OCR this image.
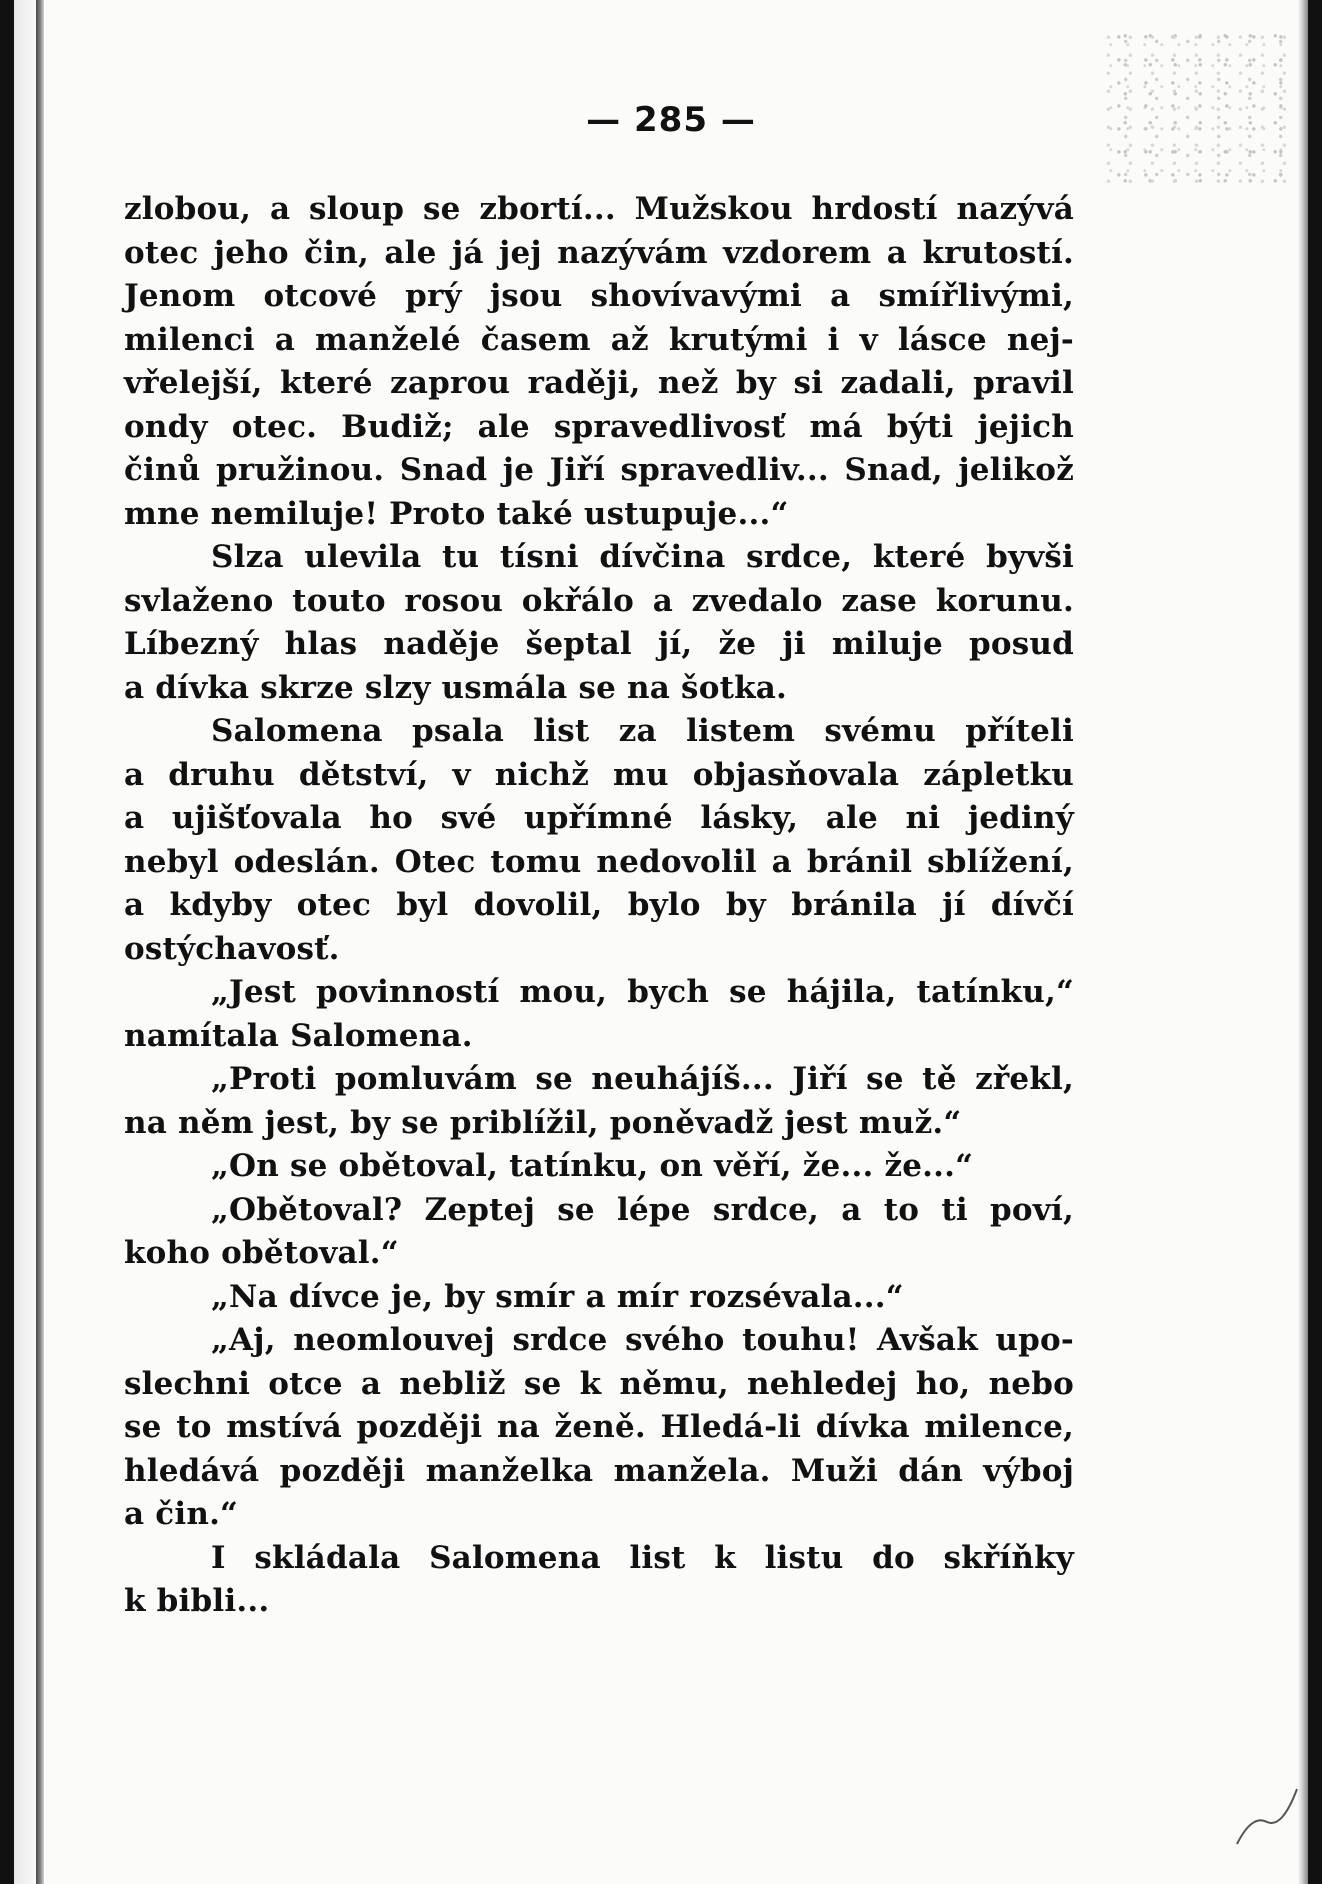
— 285 —
zlobou, a sloup se zbortí... Mužskou hrdostí nazývá
otec jeho čin, ale já jej nazývám vzdorem a krutostí.
Jenom otcové prý jsou shovívavými a smířlivými,
milenci a manželé časem až krutými i v lásce nej-
vřelejší, které zaprou raději, než by si zadali, pravil
ondy otec. Budiž; ale spravedlivosť má býti jejich
činů pružinou. Snad je Jiří spravedliv... Snad, jelikož
mne nemiluje! Proto také ustupuje...“
Slza ulevila tu tísni dívčina srdce, které byvši
svlaženo touto rosou okřálo a zvedalo zase korunu.
Líbezný hlas naděje šeptal jí, že ji miluje posud
a dívka skrze slzy usmála se na šotka.
Salomena psala list za listem svému příteli
a druhu dětství, v nichž mu objasňovala zápletku
a ujišťovala ho své upřímné lásky, ale ni jediný
nebyl odeslán. Otec tomu nedovolil a bránil sblížení,
a kdyby otec byl dovolil, bylo by bránila jí dívčí
ostýchavosť.
„Jest povinností mou, bych se hájila, tatínku,“
namítala Salomena.
„Proti pomluvám se neuhájíš... Jiří se tě zřekl,
na něm jest, by se priblížil, poněvadž jest muž.“
„On se obětoval, tatínku, on věří, že... že...“
„Obětoval? Zeptej se lépe srdce, a to ti poví,
koho obětoval.“
„Na dívce je, by smír a mír rozsévala...“
„Aj, neomlouvej srdce svého touhu! Avšak upo-
slechni otce a nebliž se k němu, nehledej ho, nebo
se to mstívá později na ženě. Hledá-li dívka milence,
hledává později manželka manžela. Muži dán výboj
a čin.“
I skládala Salomena list k listu do skříňky
k bibli...
